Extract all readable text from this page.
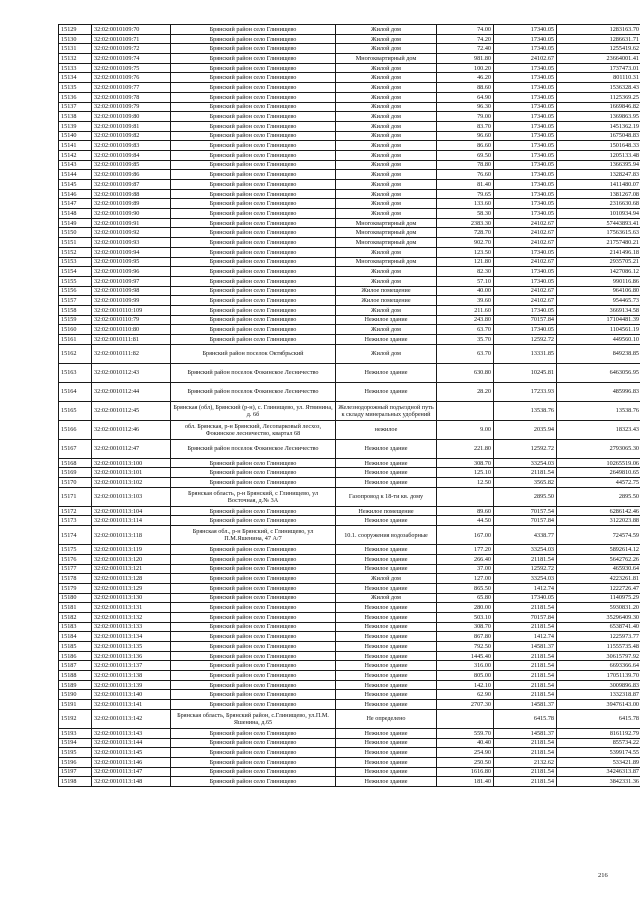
15129	32:02:0010109:70	Брянский район село Глинищево	Жилой дом	74.00	17340.05	1283163.70
15130	32:02:0010109:71	Брянский район село Глинищево	Жилой дом	74.20	17340.05	1286631.71
15131	32:02:0010109:72	Брянский район село Глинищево	Жилой дом	72.40	17340.05	1255419.62
15132	32:02:0010109:74	Брянский район село Глинищево	Многоквартирный дом	981.80	24102.67	23664001.41
15133	32:02:0010109:75	Брянский район село Глинищево	Жилой дом	100.20	17340.05	1737473.01
15134	32:02:0010109:76	Брянский район село Глинищево	Жилой дом	46.20	17340.05	801110.31
15135	32:02:0010109:77	Брянский район село Глинищево	Жилой дом	88.60	17340.05	1536328.43
15136	32:02:0010109:78	Брянский район село Глинищево	Жилой дом	64.90	17340.05	1125369.25
15137	32:02:0010109:79	Брянский район село Глинищево	Жилой дом	96.30	17340.05	1669846.82
15138	32:02:0010109:80	Брянский район село Глинищево	Жилой дом	79.00	17340.05	1369863.95
15139	32:02:0010109:81	Брянский район село Глинищево	Жилой дом	83.70	17340.05	1451362.19
15140	32:02:0010109:82	Брянский район село Глинищево	Жилой дом	96.60	17340.05	1675048.83
15141	32:02:0010109:83	Брянский район село Глинищево	Жилой дом	86.60	17340.05	1501648.33
15142	32:02:0010109:84	Брянский район село Глинищево	Жилой дом	69.50	17340.05	1205133.48
15143	32:02:0010109:85	Брянский район село Глинищево	Жилой дом	78.80	17340.05	1366395.94
15144	32:02:0010109:86	Брянский район село Глинищево	Жилой дом	76.60	17340.05	1328247.83
15145	32:02:0010109:87	Брянский район село Глинищево	Жилой дом	81.40	17340.05	1411480.07
15146	32:02:0010109:88	Брянский район село Глинищево	Жилой дом	79.65	17340.05	1381267.08
15147	32:02:0010109:89	Брянский район село Глинищево	Жилой дом	133.60	17340.05	2316630.68
15148	32:02:0010109:90	Брянский район село Глинищево	Жилой дом	58.30	17340.05	1010934.94
15149	32:02:0010109:91	Брянский район село Глинищево	Многоквартирный дом	2383.30	24102.67	57443893.41
15150	32:02:0010109:92	Брянский район село Глинищево	Многоквартирный дом	728.70	24102.67	17563615.63
15151	32:02:0010109:93	Брянский район село Глинищево	Многоквартирный дом	902.70	24102.67	21757480.21
15152	32:02:0010109:94	Брянский район село Глинищево	Жилой дом	123.50	17340.05	2141496.18
15153	32:02:0010109:95	Брянский район село Глинищево	Многоквартирный дом	121.80	24102.67	2935705.21
15154	32:02:0010109:96	Брянский район село Глинищево	Жилой дом	82.30	17340.05	1427086.12
15155	32:02:0010109:97	Брянский район село Глинищево	Жилой дом	57.10	17340.05	990116.86
15156	32:02:0010109:98	Брянский район село Глинищево	Жилое помещение	40.00	24102.67	964106.80
15157	32:02:0010109:99	Брянский район село Глинищево	Жилое помещение	39.60	24102.67	954465.73
15158	32:02:0010110:109	Брянский район село Глинищево	Жилой дом	211.60	17340.05	3669134.58
15159	32:02:0010110:79	Брянский район село Глинищево	Нежилое здание	243.80	70157.84	17104481.39
15160	32:02:0010110:80	Брянский район село Глинищево	Жилой дом	63.70	17340.05	1104561.19
15161	32:02:0010111:81	Брянский район село Глинищево	Нежилое здание	35.70	12592.72	449560.10
15162	32:02:0010111:82	Брянский район поселок Октябрьский	Жилой дом	63.70	13331.85	849238.85
15163	32:02:0010112:43	Брянский район поселок Фокинское Лесничество	Нежилое здание	630.80	10245.81	6463056.95
15164	32:02:0010112:44	Брянский район поселок Фокинское Лесничество	Нежилое здание	28.20	17233.93	485996.83
15165	32:02:0010112:45	Брянская (обл), Брянский (р-н), с. Глинищево, ул. Ятвинина, д. 6б	Железнодорожный подъездной путь к складу минеральных удобрений		13538.76	13538.76
15166	32:02:0010112:46	обл. Брянская, р-н Брянский, Лесопарковый лесхоз, Фокинское лесничество, квартал 68	нежилое	9.00	2035.94	18323.43
15167	32:02:0010112:47	Брянский район поселок Фокинское Лесничество	Нежилое здание	221.80	12592.72	2793065.30
15168	32:02:0010113:100	Брянский район село Глинищево	Нежилое здание	308.70	33254.03	10265519.06
15169	32:02:0010113:101	Брянский район село Глинищево	Нежилое здание	125.10	21181.54	2649810.65
15170	32:02:0010113:102	Брянский район село Глинищево	Нежилое здание	12.50	3565.82	44572.75
15171	32:02:0010113:103	Брянская область, р-н Брянский, с Глинищево, ул Восточная, д.№ 3А	Газопровод к 18-ти кв. дому		2895.50	2895.50
15172	32:02:0010113:104	Брянский район село Глинищево	Нежилое помещение	89.60	70157.54	6286142.46
15173	32:02:0010113:114	Брянский район село Глинищево	Нежилое здание	44.50	70157.84	3122023.88
15174	32:02:0010113:118	Брянская обл., р-н Брянский, с Глинищево, ул П.М.Яшенина, 47 А/7	10.1. сооружения водозаборные	167.00	4338.77	724574.59
15175	32:02:0010113:119	Брянский район село Глинищево	Нежилое здание	177.20	33254.03	5892614.12
15176	32:02:0010113:120	Брянский район село Глинищево	Нежилое здание	266.40	21181.54	5642762.26
15177	32:02:0010113:121	Брянский район село Глинищево	Нежилое здание	37.00	12592.72	465930.64
15178	32:02:0010113:128	Брянский район село Глинищево	Жилой дом	127.00	33254.03	4223261.81
15179	32:02:0010113:129	Брянский район село Глинищево	Нежилое здание	865.50	1412.74	1222726.47
15180	32:02:0010113:130	Брянский район село Глинищево	Жилой дом	65.80	17340.05	1140975.29
15181	32:02:0010113:131	Брянский район село Глинищево	Нежилое здание	280.00	21181.54	5930831.20
15182	32:02:0010113:132	Брянский район село Глинищево	Нежилое здание	503.10	70157.84	35296409.30
15183	32:02:0010113:133	Брянский район село Глинищево	Нежилое здание	308.70	21181.54	6538741.40
15184	32:02:0010113:134	Брянский район село Глинищево	Нежилое здание	867.80	1412.74	1225973.77
15185	32:02:0010113:135	Брянский район село Глинищево	Нежилое здание	792.50	14581.37	11555735.48
15186	32:02:0010113:136	Брянский район село Глинищево	Нежилое здание	1445.40	21181.54	30615797.92
15187	32:02:0010113:137	Брянский район село Глинищево	Нежилое здание	316.00	21181.54	6693366.64
15188	32:02:0010113:138	Брянский район село Глинищево	Нежилое здание	805.00	21181.54	17051139.70
15189	32:02:0010113:139	Брянский район село Глинищево	Нежилое здание	142.10	21181.54	3009896.83
15190	32:02:0010113:140	Брянский район село Глинищево	Нежилое здание	62.90	21181.54	1332318.87
15191	32:02:0010113:141	Брянский район село Глинищево	Нежилое здание	2707.30	14581.37	39476143.00
15192	32:02:0010113:142	Брянская область, Брянский район, с.Глинищево, ул.П.М. Яшенина, д.65	Не определено		6415.78	6415.78
15193	32:02:0010113:143	Брянский район село Глинищево	Нежилое здание	559.70	14581.37	8161192.79
15194	32:02:0010113:144	Брянский район село Глинищево	Нежилое здание	40.40	21181.54	855734.22
15195	32:02:0010113:145	Брянский район село Глинищево	Нежилое здание	254.90	21181.54	5399174.55
15196	32:02:0010113:146	Брянский район село Глинищево	Нежилое здание	250.50	2132.62	533421.89
15197	32:02:0010113:147	Брянский район село Глинищево	Нежилое здание	1616.80	21181.54	34246313.87
15198	32:02:0010113:148	Брянский район село Глинищево	Нежилое здание	181.40	21181.54	3842331.36
216
